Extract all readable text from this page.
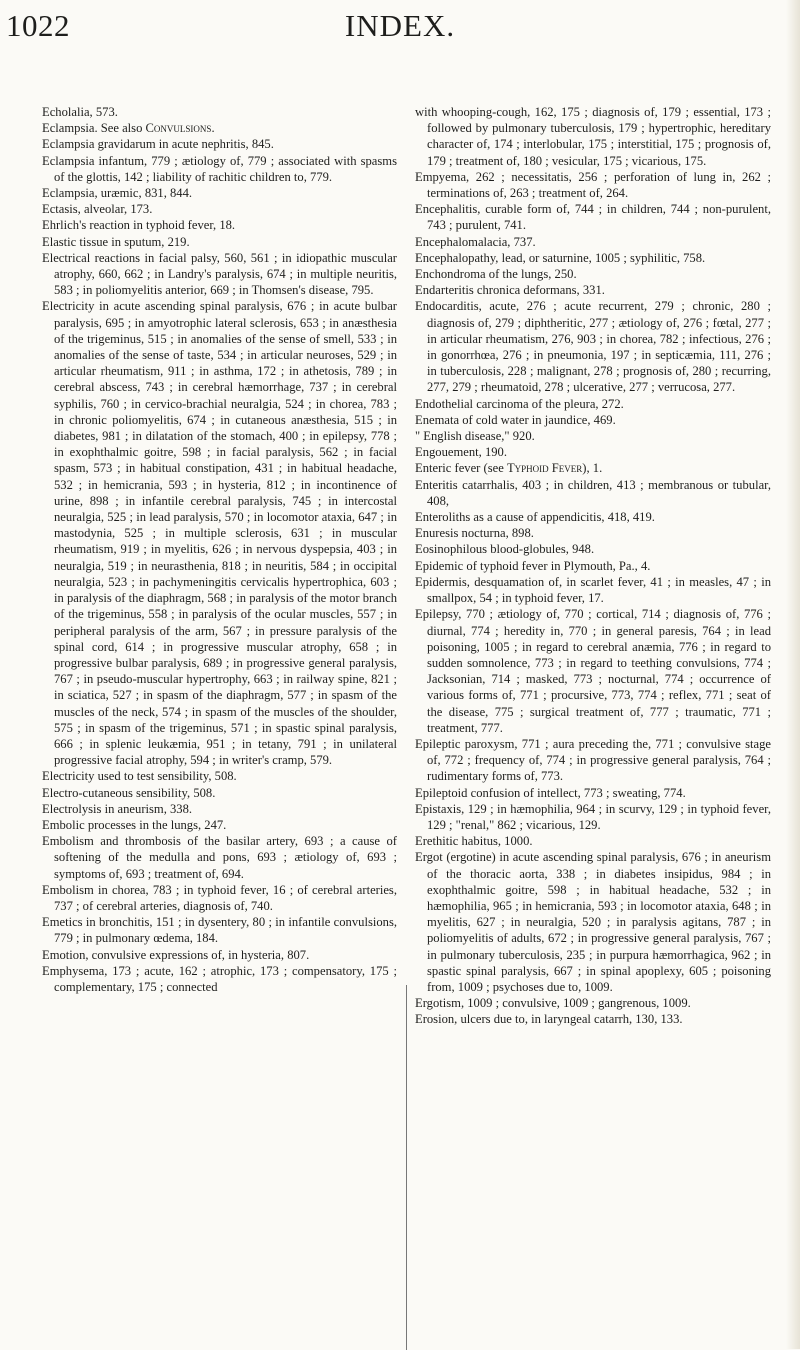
1022	INDEX.

Echolalia, 573.

Eclampsia. See also Convulsions.

Eclampsia gravidarum in acute nephritis, 845.

Eclampsia infantum, 779 ; ætiology of, 779 ; associated with spasms of the glottis, 142 ; liability of rachitic children to, 779.

Eclampsia, uræmic, 831, 844.

Ectasis, alveolar, 173.

Ehrlich's reaction in typhoid fever, 18.

Elastic tissue in sputum, 219.

Electrical reactions in facial palsy, 560, 561 ; in idiopathic muscular atrophy, 660, 662 ; in Landry's paralysis, 674 ; in multiple neuritis, 583 ; in poliomyelitis anterior, 669 ; in Thomsen's disease, 795.

Electricity in acute ascending spinal paralysis, 676 ; in acute bulbar paralysis, 695 ; in amyotrophic lateral sclerosis, 653 ; in anæsthesia of the trigeminus, 515 ; in anomalies of the sense of smell, 533 ; in anomalies of the sense of taste, 534 ; in articular neuroses, 529 ; in articular rheumatism, 911 ; in asthma, 172 ; in athetosis, 789 ; in cerebral abscess, 743 ; in cerebral hæmorrhage, 737 ; in cerebral syphilis, 760 ; in cervico-brachial neuralgia, 524 ; in chorea, 783 ; in chronic poliomyelitis, 674 ; in cutaneous anæsthesia, 515 ; in diabetes, 981 ; in dilatation of the stomach, 400 ; in epilepsy, 778 ; in exophthalmic goitre, 598 ; in facial paralysis, 562 ; in facial spasm, 573 ; in habitual constipation, 431 ; in habitual headache, 532 ; in hemicrania, 593 ; in hysteria, 812 ; in incontinence of urine, 898 ; in infantile cerebral paralysis, 745 ; in intercostal neuralgia, 525 ; in lead paralysis, 570 ; in locomotor ataxia, 647 ; in mastodynia, 525 ; in multiple sclerosis, 631 ; in muscular rheumatism, 919 ; in myelitis, 626 ; in nervous dyspepsia, 403 ; in neuralgia, 519 ; in neurasthenia, 818 ; in neuritis, 584 ; in occipital neuralgia, 523 ; in pachymeningitis cervicalis hypertrophica, 603 ; in paralysis of the diaphragm, 568 ; in paralysis of the motor branch of the trigeminus, 558 ; in paralysis of the ocular muscles, 557 ; in peripheral paralysis of the arm, 567 ; in pressure paralysis of the spinal cord, 614 ; in progressive muscular atrophy, 658 ; in progressive bulbar paralysis, 689 ; in progressive general paralysis, 767 ; in pseudo-muscular hypertrophy, 663 ; in railway spine, 821 ; in sciatica, 527 ; in spasm of the diaphragm, 577 ; in spasm of the muscles of the neck, 574 ; in spasm of the muscles of the shoulder, 575 ; in spasm of the trigeminus, 571 ; in spastic spinal paralysis, 666 ; in splenic leukæmia, 951 ; in tetany, 791 ; in unilateral progressive facial atrophy, 594 ; in writer's cramp, 579.

Electricity used to test sensibility, 508.

Electro-cutaneous sensibility, 508.

Electrolysis in aneurism, 338.

Embolic processes in the lungs, 247.

Embolism and thrombosis of the basilar artery, 693 ; a cause of softening of the medulla and pons, 693 ; ætiology of, 693 ; symptoms of, 693 ; treatment of, 694.

Embolism in chorea, 783 ; in typhoid fever, 16 ; of cerebral arteries, 737 ; of cerebral arteries, diagnosis of, 740.

Emetics in bronchitis, 151 ; in dysentery, 80 ; in infantile convulsions, 779 ; in pulmonary œdema, 184.

Emotion, convulsive expressions of, in hysteria, 807.

Emphysema, 173 ; acute, 162 ; atrophic, 173 ; compensatory, 175 ; complementary, 175 ; connected

with whooping-cough, 162, 175 ; diagnosis of, 179 ; essential, 173 ; followed by pulmonary tuberculosis, 179 ; hypertrophic, hereditary character of, 174 ; interlobular, 175 ; interstitial, 175 ; prognosis of, 179 ; treatment of, 180 ; vesicular, 175 ; vicarious, 175.

Empyema, 262 ; necessitatis, 256 ; perforation of lung in, 262 ; terminations of, 263 ; treatment of, 264.

Encephalitis, curable form of, 744 ; in children, 744 ; non-purulent, 743 ; purulent, 741.

Encephalomalacia, 737.

Encephalopathy, lead, or saturnine, 1005 ; syphilitic, 758.

Enchondroma of the lungs, 250.

Endarteritis chronica deformans, 331.

Endocarditis, acute, 276 ; acute recurrent, 279 ; chronic, 280 ; diagnosis of, 279 ; diphtheritic, 277 ; ætiology of, 276 ; fœtal, 277 ; in articular rheumatism, 276, 903 ; in chorea, 782 ; infectious, 276 ; in gonorrhœa, 276 ; in pneumonia, 197 ; in septicæmia, 111, 276 ; in tuberculosis, 228 ; malignant, 278 ; prognosis of, 280 ; recurring, 277, 279 ; rheumatoid, 278 ; ulcerative, 277 ; verrucosa, 277.

Endothelial carcinoma of the pleura, 272.

Enemata of cold water in jaundice, 469.

" English disease," 920.

Engouement, 190.

Enteric fever (see Typhoid Fever), 1.

Enteritis catarrhalis, 403 ; in children, 413 ; membranous or tubular, 408,

Enteroliths as a cause of appendicitis, 418, 419.

Enuresis nocturna, 898.

Eosinophilous blood-globules, 948.

Epidemic of typhoid fever in Plymouth, Pa., 4.

Epidermis, desquamation of, in scarlet fever, 41 ; in measles, 47 ; in smallpox, 54 ; in typhoid fever, 17.

Epilepsy, 770 ; ætiology of, 770 ; cortical, 714 ; diagnosis of, 776 ; diurnal, 774 ; heredity in, 770 ; in general paresis, 764 ; in lead poisoning, 1005 ; in regard to cerebral anæmia, 776 ; in regard to sudden somnolence, 773 ; in regard to teething convulsions, 774 ; Jacksonian, 714 ; masked, 773 ; nocturnal, 774 ; occurrence of various forms of, 771 ; procursive, 773, 774 ; reflex, 771 ; seat of the disease, 775 ; surgical treatment of, 777 ; traumatic, 771 ; treatment, 777.

Epileptic paroxysm, 771 ; aura preceding the, 771 ; convulsive stage of, 772 ; frequency of, 774 ; in progressive general paralysis, 764 ; rudimentary forms of, 773.

Epileptoid confusion of intellect, 773 ; sweating, 774.

Epistaxis, 129 ; in hæmophilia, 964 ; in scurvy, 129 ; in typhoid fever, 129 ; "renal," 862 ; vicarious, 129.

Erethitic habitus, 1000.

Ergot (ergotine) in acute ascending spinal paralysis, 676 ; in aneurism of the thoracic aorta, 338 ; in diabetes insipidus, 984 ; in exophthalmic goitre, 598 ; in habitual headache, 532 ; in hæmophilia, 965 ; in hemicrania, 593 ; in locomotor ataxia, 648 ; in myelitis, 627 ; in neuralgia, 520 ; in paralysis agitans, 787 ; in poliomyelitis of adults, 672 ; in progressive general paralysis, 767 ; in pulmonary tuberculosis, 235 ; in purpura hæmorrhagica, 962 ; in spastic spinal paralysis, 667 ; in spinal apoplexy, 605 ; poisoning from, 1009 ; psychoses due to, 1009.

Ergotism, 1009 ; convulsive, 1009 ; gangrenous, 1009.

Erosion, ulcers due to, in laryngeal catarrh, 130, 133.
